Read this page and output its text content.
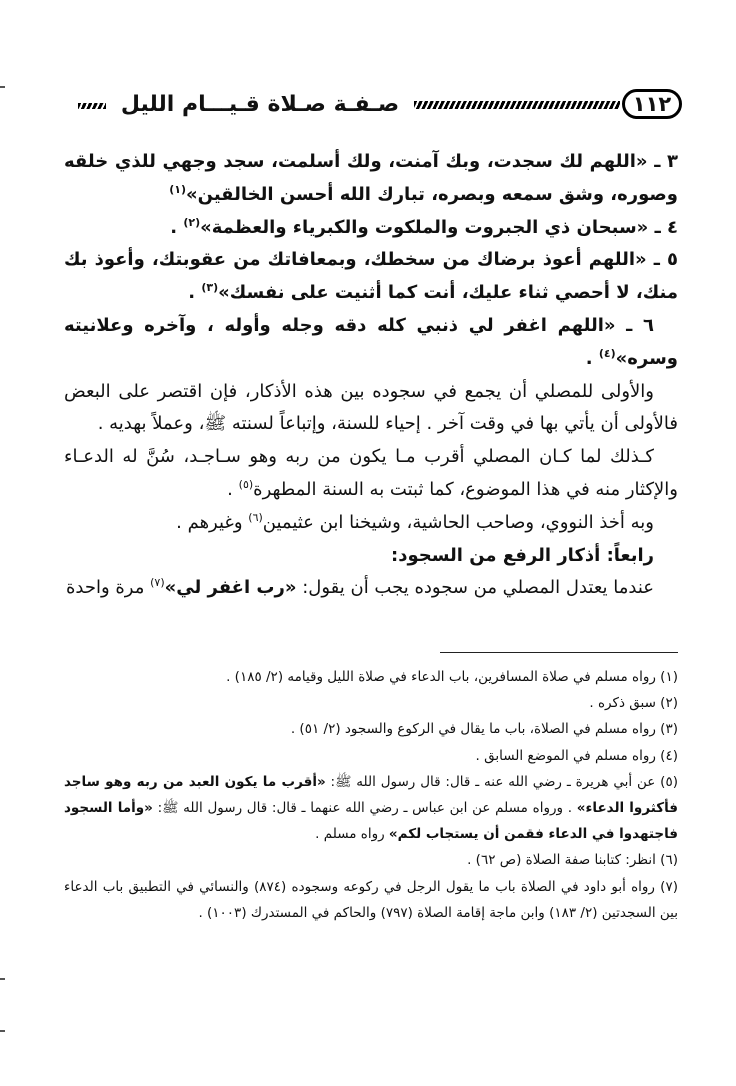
صـفـة صـلاة قـيـــام الليل	١١٢

٣ ـ «اللهم لك سجدت، وبك آمنت، ولك أسلمت، سجد وجهي للذي خلقه وصوره، وشق سمعه وبصره، تبارك الله أحسن الخالقين»$^{(١)}$

٤ ـ «سبحان ذي الجبروت والملكوت والكبرياء والعظمة»$^{(٢)}$ .

٥ ـ «اللهم أعوذ برضاك من سخطك، وبمعافاتك من عقوبتك، وأعوذ بك منك، لا أحصي ثناء عليك، أنت كما أثنيت على نفسك»$^{(٣)}$ .

٦ ـ «اللهم اغفر لي ذنبي كله دقه وجله وأوله ، وآخره وعلانيته وسره»$^{(٤)}$ .

والأولى للمصلي أن يجمع في سجوده بين هذه الأذكار، فإن اقتصر على البعض فالأولى أن يأتي بها في وقت آخر . إحياء للسنة، وإتباعاً لسنته ﷺ، وعملاً بهديه .

كـذلك لما كـان المصلي أقرب مـا يكون من ربه وهو سـاجـد، سُنَّ له الدعـاء والإكثار منه في هذا الموضوع، كما ثبتت به السنة المطهرة$^{(٥)}$ .

وبه أخذ النووي، وصاحب الحاشية، وشيخنا ابن عثيمين$^{(٦)}$ وغيرهم .

رابعاً: أذكار الرفع من السجود:

عندما يعتدل المصلي من سجوده يجب أن يقول: «رب اغفر لي»$^{(٧)}$ مرة واحدة

(١) رواه مسلم في صلاة المسافرين، باب الدعاء في صلاة الليل وقيامه (٢/ ١٨٥) .

(٢) سبق ذكره .

(٣) رواه مسلم في الصلاة، باب ما يقال في الركوع والسجود (٢/ ٥١) .

(٤) رواه مسلم في الموضع السابق .

(٥) عن أبي هريرة ـ رضي الله عنه ـ قال: قال رسول الله ﷺ: «أقرب ما يكون العبد من ربه وهو ساجد فأكثروا الدعاء» . ورواه مسلم عن ابن عباس ـ رضي الله عنهما ـ قال: قال رسول الله ﷺ: «وأما السجود فاجتهدوا في الدعاء فقمن أن يستجاب لكم» رواه مسلم .

(٦) انظر: كتابنا صفة الصلاة (ص ٦٢) .

(٧) رواه أبو داود في الصلاة باب ما يقول الرجل في ركوعه وسجوده (٨٧٤) والنسائي في التطبيق باب الدعاء بين السجدتين (٢/ ١٨٣) وابن ماجة إقامة الصلاة (٧٩٧) والحاكم في المستدرك (١٠٠٣) .
